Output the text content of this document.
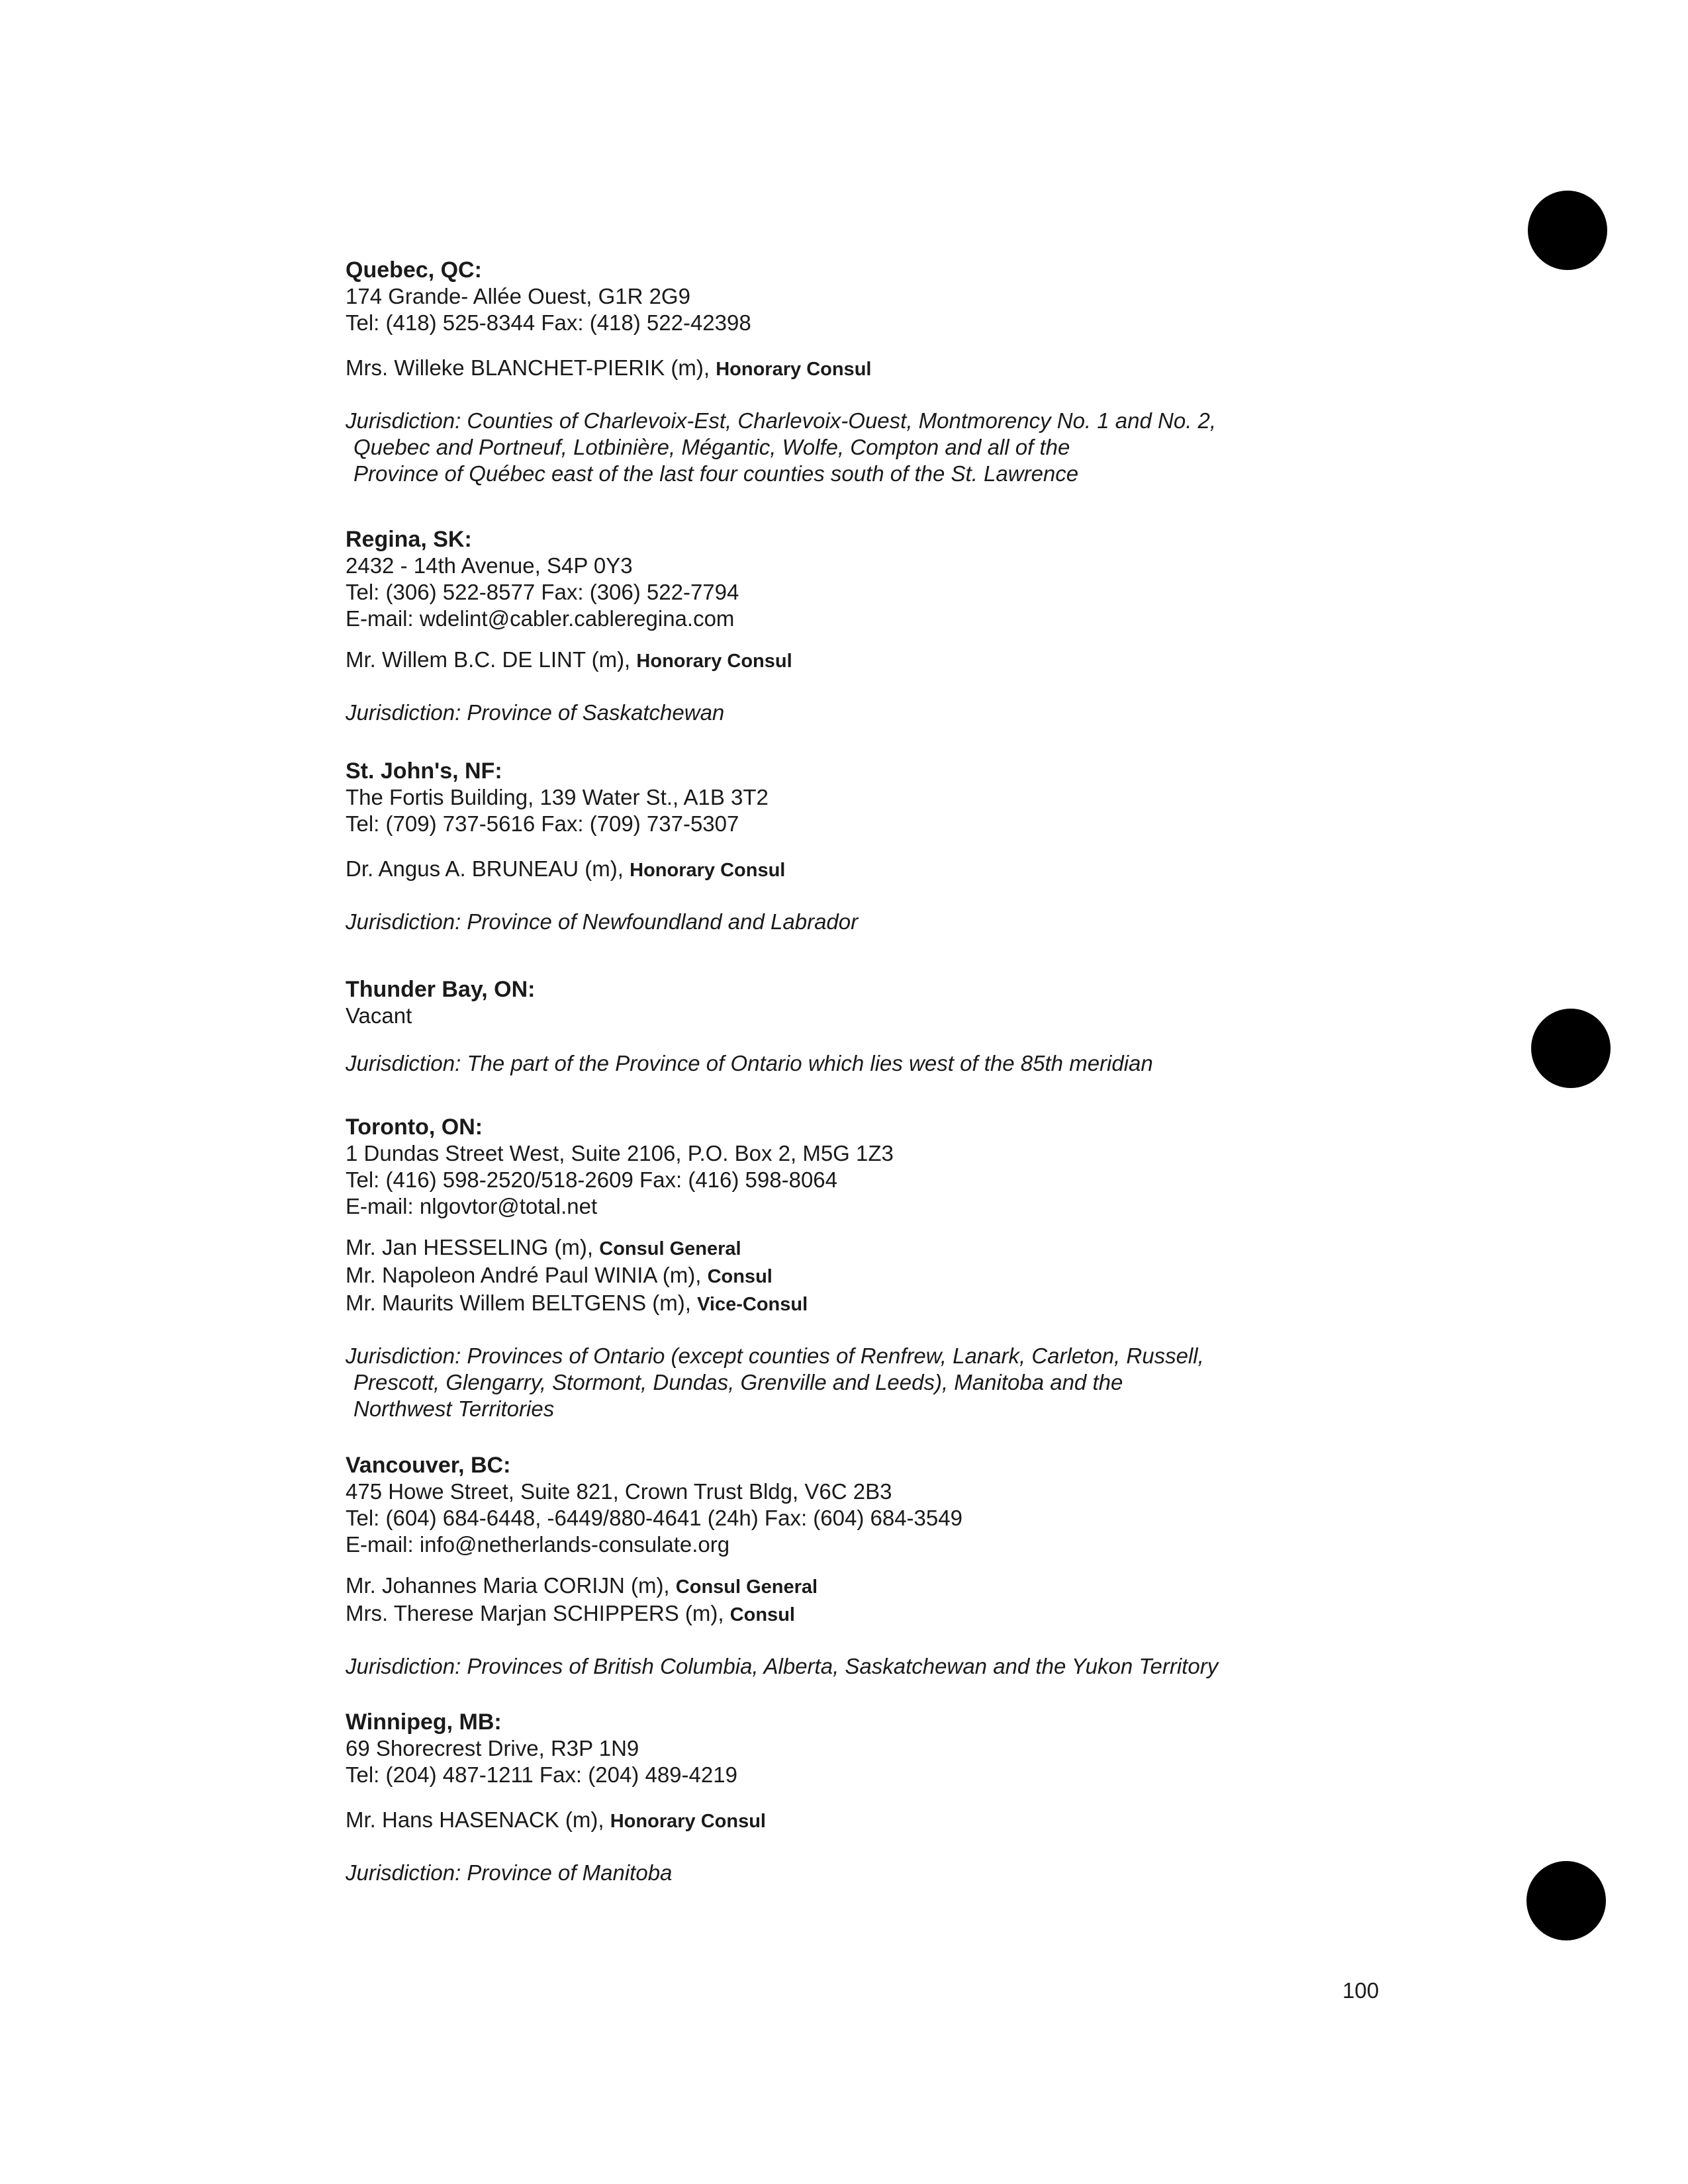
Quebec, QC:
174 Grande- Allée Ouest, G1R 2G9
Tel: (418) 525-8344 Fax: (418) 522-42398
Mrs. Willeke BLANCHET-PIERIK (m), Honorary Consul
Jurisdiction: Counties of Charlevoix-Est, Charlevoix-Ouest, Montmorency No. 1 and No. 2,
Quebec and Portneuf, Lotbinière, Mégantic, Wolfe, Compton and all of the
Province of Québec east of the last four counties south of the St. Lawrence
Regina, SK:
2432 - 14th Avenue, S4P 0Y3
Tel: (306) 522-8577 Fax: (306) 522-7794
E-mail: wdelint@cabler.cableregina.com
Mr. Willem B.C. DE LINT (m), Honorary Consul
Jurisdiction: Province of Saskatchewan
St. John's, NF:
The Fortis Building, 139 Water St., A1B 3T2
Tel: (709) 737-5616 Fax: (709) 737-5307
Dr. Angus A. BRUNEAU (m), Honorary Consul
Jurisdiction: Province of Newfoundland and Labrador
Thunder Bay, ON:
Vacant
Jurisdiction: The part of the Province of Ontario which lies west of the 85th meridian
Toronto, ON:
1 Dundas Street West, Suite 2106, P.O. Box 2, M5G 1Z3
Tel: (416) 598-2520/518-2609 Fax: (416) 598-8064
E-mail: nlgovtor@total.net
Mr. Jan HESSELING (m), Consul General
Mr. Napoleon André Paul WINIA (m), Consul
Mr. Maurits Willem BELTGENS (m), Vice-Consul
Jurisdiction: Provinces of Ontario (except counties of Renfrew, Lanark, Carleton, Russell,
Prescott, Glengarry, Stormont, Dundas, Grenville and Leeds), Manitoba and the
Northwest Territories
Vancouver, BC:
475 Howe Street, Suite 821, Crown Trust Bldg, V6C 2B3
Tel: (604) 684-6448, -6449/880-4641 (24h) Fax: (604) 684-3549
E-mail: info@netherlands-consulate.org
Mr. Johannes Maria CORIJN (m), Consul General
Mrs. Therese Marjan SCHIPPERS (m), Consul
Jurisdiction: Provinces of British Columbia, Alberta, Saskatchewan and the Yukon Territory
Winnipeg, MB:
69 Shorecrest Drive, R3P 1N9
Tel: (204) 487-1211 Fax: (204) 489-4219
Mr. Hans HASENACK (m), Honorary Consul
Jurisdiction: Province of Manitoba
100
